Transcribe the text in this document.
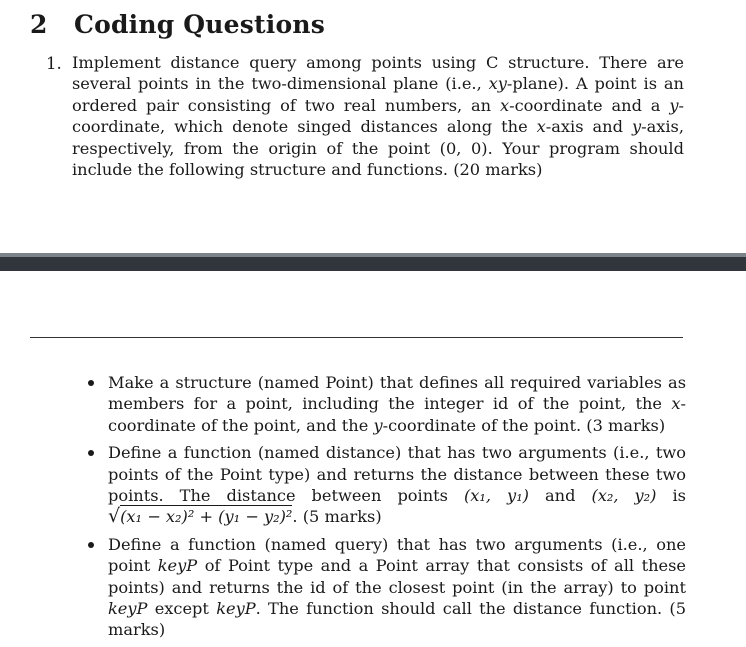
2 Coding Questions
1. Implement distance query among points using C structure. There are several points in the two-dimensional plane (i.e., xy-plane). A point is an ordered pair consisting of two real numbers, an x-coordinate and a y-coordinate, which denote singed distances along the x-axis and y-axis, respectively, from the origin of the point (0, 0). Your program should include the following structure and functions. (20 marks)
Make a structure (named Point) that defines all required variables as members for a point, including the integer id of the point, the x-coordinate of the point, and the y-coordinate of the point. (3 marks)
Define a function (named distance) that has two arguments (i.e., two points of the Point type) and returns the distance between these two points. The distance between points (x₁, y₁) and (x₂, y₂) is √(x₁ − x₂)² + (y₁ − y₂)². (5 marks)
Define a function (named query) that has two arguments (i.e., one point keyP of Point type and a Point array that consists of all these points) and returns the id of the closest point (in the array) to point keyP except keyP. The function should call the distance function. (5 marks)
